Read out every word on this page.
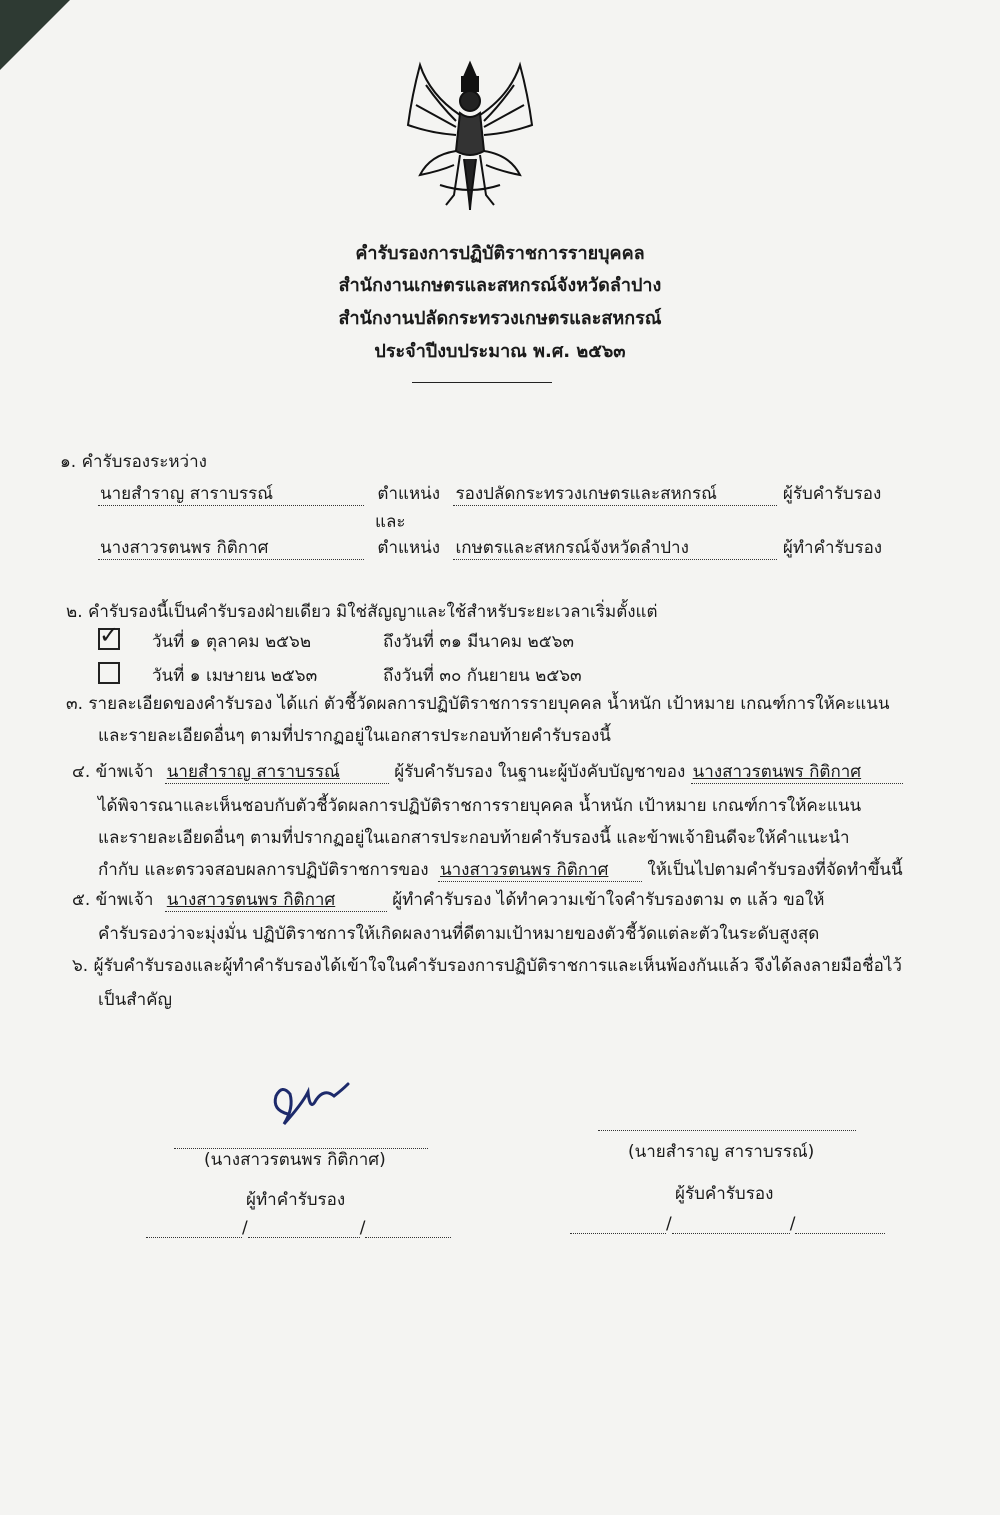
คำรับรองการปฏิบัติราชการรายบุคคล
สำนักงานเกษตรและสหกรณ์จังหวัดลำปาง
สำนักงานปลัดกระทรวงเกษตรและสหกรณ์
ประจำปีงบประมาณ พ.ศ. ๒๕๖๓
๑. คำรับรองระหว่าง
นายสำราญ สาราบรรณ์	ตำแหน่ง รองปลัดกระทรวงเกษตรและสหกรณ์	ผู้รับคำรับรอง
และ
นางสาวรตนพร กิติกาศ	ตำแหน่ง เกษตรและสหกรณ์จังหวัดลำปาง	ผู้ทำคำรับรอง
๒. คำรับรองนี้เป็นคำรับรองฝ่ายเดียว มิใช่สัญญาและใช้สำหรับระยะเวลาเริ่มตั้งแต่
✓ วันที่ ๑ ตุลาคม ๒๕๖๒	ถึงวันที่ ๓๑ มีนาคม ๒๕๖๓
วันที่ ๑ เมษายน ๒๕๖๓	ถึงวันที่ ๓๐ กันยายน ๒๕๖๓
๓. รายละเอียดของคำรับรอง ได้แก่ ตัวชี้วัดผลการปฏิบัติราชการรายบุคคล น้ำหนัก เป้าหมาย เกณฑ์การให้คะแนน
และรายละเอียดอื่นๆ ตามที่ปรากฏอยู่ในเอกสารประกอบท้ายคำรับรองนี้
๔. ข้าพเจ้า นายสำราญ สาราบรรณ์	ผู้รับคำรับรอง ในฐานะผู้บังคับบัญชาของ นางสาวรตนพร กิติกาศ
ได้พิจารณาและเห็นชอบกับตัวชี้วัดผลการปฏิบัติราชการรายบุคคล น้ำหนัก เป้าหมาย เกณฑ์การให้คะแนน
และรายละเอียดอื่นๆ ตามที่ปรากฏอยู่ในเอกสารประกอบท้ายคำรับรองนี้ และข้าพเจ้ายินดีจะให้คำแนะนำ
กำกับ และตรวจสอบผลการปฏิบัติราชการของ นางสาวรตนพร กิติกาศ ให้เป็นไปตามคำรับรองที่จัดทำขึ้นนี้
๕. ข้าพเจ้า นางสาวรตนพร กิติกาศ	ผู้ทำคำรับรอง ได้ทำความเข้าใจคำรับรองตาม ๓ แล้ว ขอให้
คำรับรองว่าจะมุ่งมั่น ปฏิบัติราชการให้เกิดผลงานที่ดีตามเป้าหมายของตัวชี้วัดแต่ละตัวในระดับสูงสุด
๖. ผู้รับคำรับรองและผู้ทำคำรับรองได้เข้าใจในคำรับรองการปฏิบัติราชการและเห็นพ้องกันแล้ว จึงได้ลงลายมือชื่อไว้
เป็นสำคัญ
(นางสาวรตนพร กิติกาศ)
ผู้ทำคำรับรอง
/	/
(นายสำราญ สาราบรรณ์)
ผู้รับคำรับรอง
/	/
